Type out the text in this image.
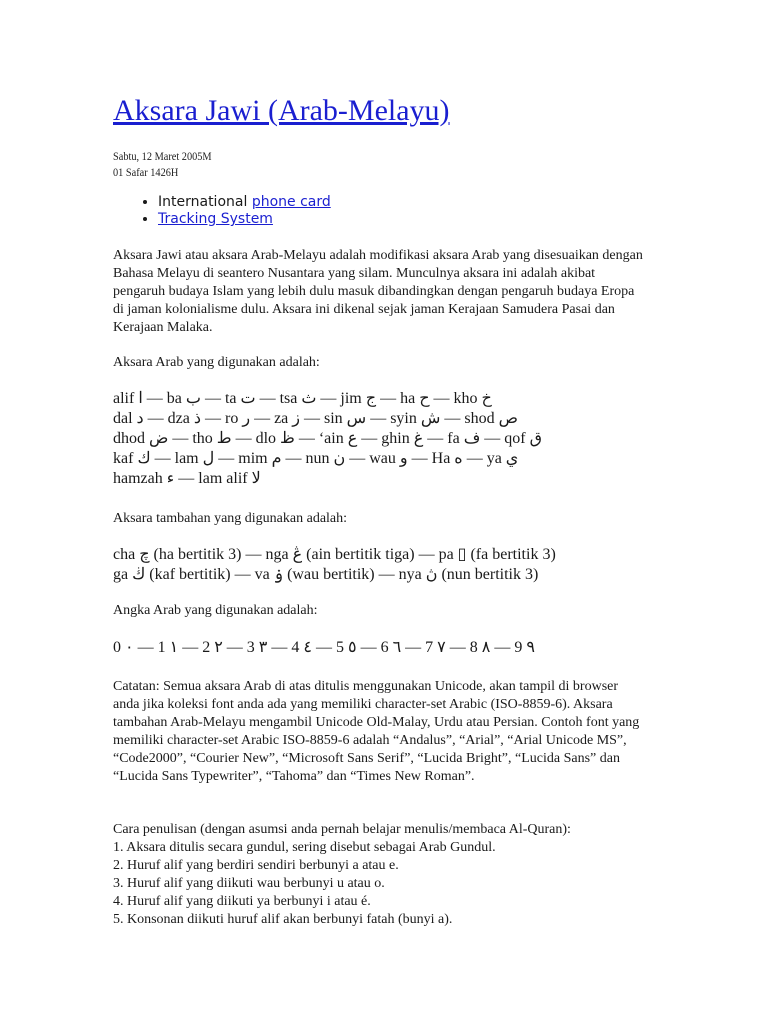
Aksara Jawi (Arab-Melayu)
Sabtu, 12 Maret 2005M
01 Safar 1426H
• International phone card
• Tracking System

Aksara Jawi atau aksara Arab-Melayu adalah modifikasi aksara Arab yang disesuaikan dengan Bahasa Melayu di seantero Nusantara yang silam. Munculnya aksara ini adalah akibat pengaruh budaya Islam yang lebih dulu masuk dibandingkan dengan pengaruh budaya Eropa di jaman kolonialisme dulu. Aksara ini dikenal sejak jaman Kerajaan Samudera Pasai dan Kerajaan Malaka.

Aksara Arab yang digunakan adalah:

alif ا — ba ب — ta ت — tsa ث — jim ج — ha ح — kho خ
dal د — dza ذ — ro ر — za ز — sin س — syin ش — shod ص
dhod ض — tho ط — dlo ظ — ‘ain ع — ghin غ — fa ف — qof ق
kaf ك — lam ل — mim م — nun ن — wau و — Ha ه — ya ي
hamzah ء — lam alif لا

Aksara tambahan yang digunakan adalah:

cha چ (ha bertitik 3) — nga ڠ (ain bertitik tiga) — pa ▯ (fa bertitik 3)
ga ڬ (kaf bertitik) — va ۏ (wau bertitik) — nya ڽ (nun bertitik 3)

Angka Arab yang digunakan adalah:

0 ٠ — 1 ١ — 2 ٢ — 3 ٣ — 4 ٤ — 5 ٥ — 6 ٦ — 7 ٧ — 8 ٨ — 9 ٩

Catatan: Semua aksara Arab di atas ditulis menggunakan Unicode, akan tampil di browser anda jika koleksi font anda ada yang memiliki character-set Arabic (ISO-8859-6). Aksara tambahan Arab-Melayu mengambil Unicode Old-Malay, Urdu atau Persian. Contoh font yang memiliki character-set Arabic ISO-8859-6 adalah “Andalus”, “Arial”, “Arial Unicode MS”, “Code2000”, “Courier New”, “Microsoft Sans Serif”, “Lucida Bright”, “Lucida Sans” dan “Lucida Sans Typewriter”, “Tahoma” dan “Times New Roman”.

Cara penulisan (dengan asumsi anda pernah belajar menulis/membaca Al-Quran):
1. Aksara ditulis secara gundul, sering disebut sebagai Arab Gundul.
2. Huruf alif yang berdiri sendiri berbunyi a atau e.
3. Huruf alif yang diikuti wau berbunyi u atau o.
4. Huruf alif yang diikuti ya berbunyi i atau é.
5. Konsonan diikuti huruf alif akan berbunyi fatah (bunyi a).
